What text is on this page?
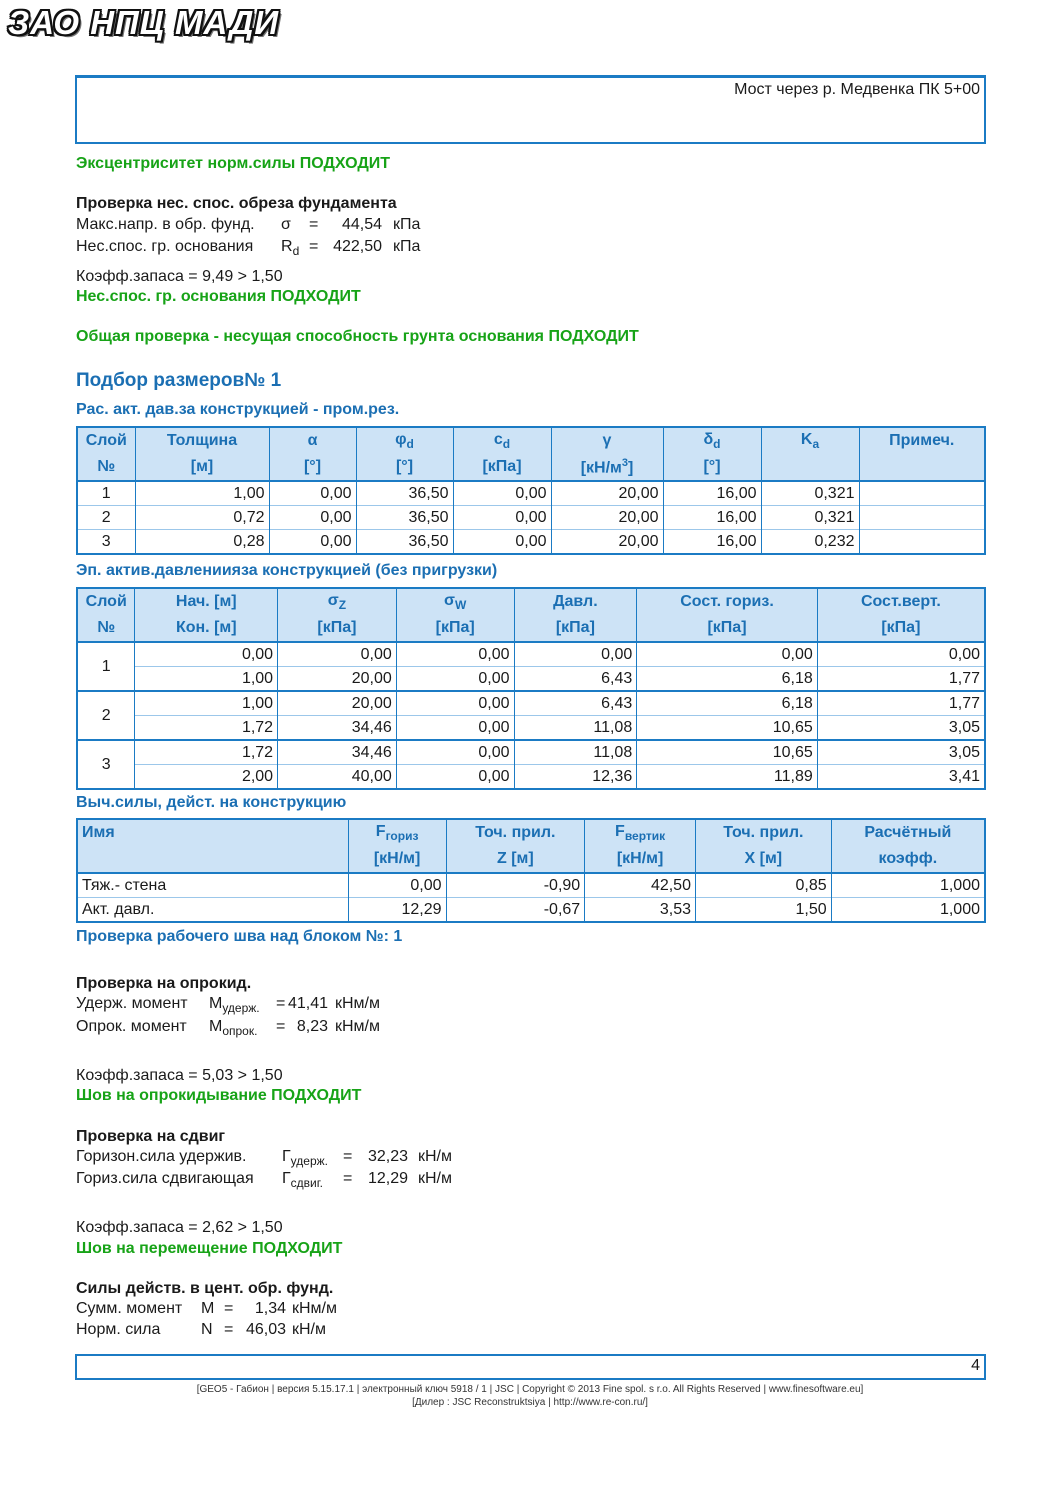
ЗАО НПЦ МАДИ
Мост через р. Медвенка ПК 5+00
Эксцентриситет норм.силы ПОДХОДИТ
Проверка нес. спос. обреза фундамента
Макс.напр. в обр. фунд. σ =	44,54 кПа
Нес.спос. гр. основания $R_d = 422,50$ кПа
Коэфф.запаса = 9,49 > 1,50
Нес.спос. гр. основания ПОДХОДИТ
Общая проверка - несущая способность грунта основания ПОДХОДИТ
Подбор размеров№ 1
Рас. акт. дав.за конструкцией - пром.рез.
Слой	Толщина	α	$\varphi_d$	$c_d$	γ	$\delta_d$	$K_a$	Примеч.
№	[м]	[°]	[°]	[кПа]	$[кН/м^3]$	[°]		
1	1,00	0,00	36,50	0,00	20,00	16,00	0,321	
2	0,72	0,00	36,50	0,00	20,00	16,00	0,321	
3	0,28	0,00	36,50	0,00	20,00	16,00	0,232	
Эп. актив.давлениияза конструкцией (без пригрузки)
Слой	Нач. [м]	$\sigma_Z$	$\sigma_W$	Давл.	Сост. гориз.	Сост.верт.
№	Кон. [м]	[кПа]	[кПа]	[кПа]	[кПа]	[кПа]
1	0,00	0,00	0,00	0,00	0,00	0,00
	1,00	20,00	0,00	6,43	6,18	1,77
2	1,00	20,00	0,00	6,43	6,18	1,77
	1,72	34,46	0,00	11,08	10,65	3,05
3	1,72	34,46	0,00	11,08	10,65	3,05
	2,00	40,00	0,00	12,36	11,89	3,41
Выч.силы, дейст. на конструкцию
Имя	$F_{гориз}$	Точ. прил.	$F_{вертик}$	Точ. прил.	Расчётный
	[кН/м]	Z [м]	[кН/м]	X [м]	коэфф.
Тяж.- стена	0,00	-0,90	42,50	0,85	1,000
Акт. давл.	12,29	-0,67	3,53	1,50	1,000
Проверка рабочего шва над блоком №: 1
Проверка на опрокид.
Удерж. момент $M_{удерж.} = 41,41$ кНм/м
Опрок. момент $M_{опрок.} = 8,23$ кНм/м
Коэфф.запаса = 5,03 > 1,50
Шов на опрокидывание ПОДХОДИТ
Проверка на сдвиг
Горизон.сила удержив. $Г_{удерж.} = 32,23$ кН/м
Гориз.сила сдвигающая $Г_{сдвиг.} = 12,29$ кН/м
Коэфф.запаса = 2,62 > 1,50
Шов на перемещение ПОДХОДИТ
Силы действ. в цент. обр. фунд.
Сумм. момент M =	1,34 кНм/м
Норм. сила	N = 46,03 кН/м
4
[GEO5 - Габион | версия 5.15.17.1 | электронный ключ 5918 / 1 | JSC | Copyright © 2013 Fine spol. s r.o. All Rights Reserved | www.finesoftware.eu]
[Дилер : JSC Reconstruktsiya | http://www.re-con.ru/]
